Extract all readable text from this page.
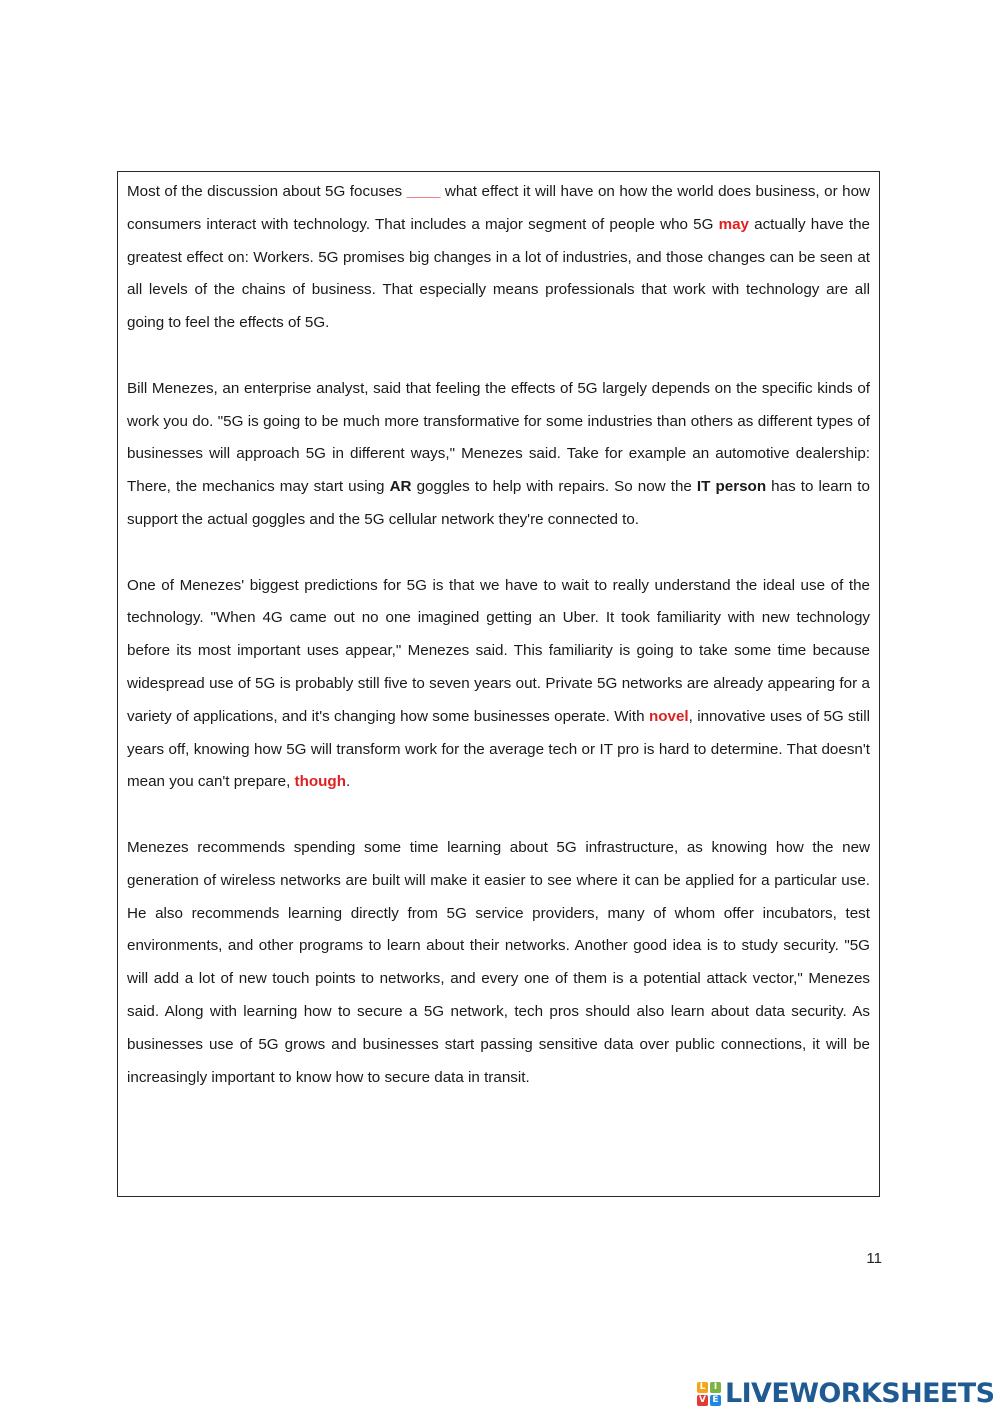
Most of the discussion about 5G focuses ____ what effect it will have on how the world does business, or how consumers interact with technology. That includes a major segment of people who 5G may actually have the greatest effect on: Workers. 5G promises big changes in a lot of industries, and those changes can be seen at all levels of the chains of business. That especially means professionals that work with technology are all going to feel the effects of 5G.

Bill Menezes, an enterprise analyst, said that feeling the effects of 5G largely depends on the specific kinds of work you do. "5G is going to be much more transformative for some industries than others as different types of businesses will approach 5G in different ways," Menezes said. Take for example an automotive dealership: There, the mechanics may start using AR goggles to help with repairs. So now the IT person has to learn to support the actual goggles and the 5G cellular network they're connected to.

One of Menezes' biggest predictions for 5G is that we have to wait to really understand the ideal use of the technology. "When 4G came out no one imagined getting an Uber. It took familiarity with new technology before its most important uses appear," Menezes said. This familiarity is going to take some time because widespread use of 5G is probably still five to seven years out. Private 5G networks are already appearing for a variety of applications, and it's changing how some businesses operate. With novel, innovative uses of 5G still years off, knowing how 5G will transform work for the average tech or IT pro is hard to determine. That doesn't mean you can't prepare, though.

Menezes recommends spending some time learning about 5G infrastructure, as knowing how the new generation of wireless networks are built will make it easier to see where it can be applied for a particular use. He also recommends learning directly from 5G service providers, many of whom offer incubators, test environments, and other programs to learn about their networks. Another good idea is to study security. "5G will add a lot of new touch points to networks, and every one of them is a potential attack vector," Menezes said. Along with learning how to secure a 5G network, tech pros should also learn about data security. As businesses use of 5G grows and businesses start passing sensitive data over public connections, it will be increasingly important to know how to secure data in transit.

11
L I
V E LIVEWORKSHEETS
